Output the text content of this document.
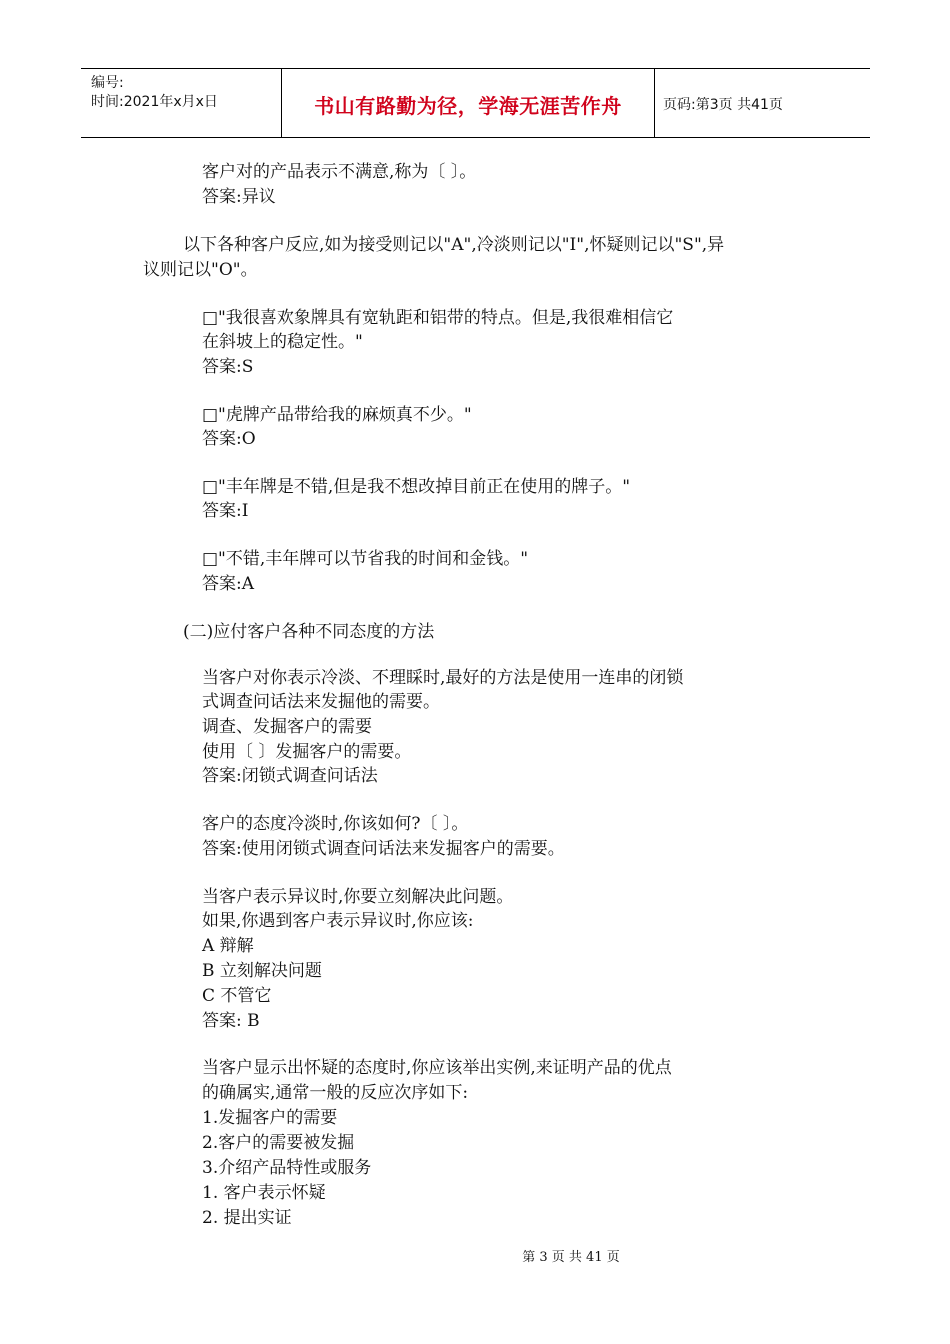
编号:
时间:2021年x月x日	书山有路勤为径，学海无涯苦作舟	页码:第3页 共41页
客户对的产品表示不满意,称为〔 〕。
答案:异议
以下各种客户反应,如为接受则记以"A",冷淡则记以"I",怀疑则记以"S",异
议则记以"O"。
□"我很喜欢象牌具有宽轨距和铝带的特点。但是,我很难相信它
在斜坡上的稳定性。"
答案:S
□"虎牌产品带给我的麻烦真不少。"
答案:O
□"丰年牌是不错,但是我不想改掉目前正在使用的牌子。"
答案:I
□"不错,丰年牌可以节省我的时间和金钱。"
答案:A
(二)应付客户各种不同态度的方法
当客户对你表示冷淡、不理睬时,最好的方法是使用一连串的闭锁
式调查问话法来发掘他的需要。
调查、发掘客户的需要
使用〔 〕发掘客户的需要。
答案:闭锁式调查问话法
客户的态度冷淡时,你该如何?〔 〕。
答案:使用闭锁式调查问话法来发掘客户的需要。
当客户表示异议时,你要立刻解决此问题。
如果,你遇到客户表示异议时,你应该:
A 辩解
B 立刻解决问题
C 不管它
答案: B
当客户显示出怀疑的态度时,你应该举出实例,来证明产品的优点
的确属实,通常一般的反应次序如下:
1.发掘客户的需要
2.客户的需要被发掘
3.介绍产品特性或服务
1. 客户表示怀疑
2. 提出实证
第 3 页 共 41 页
